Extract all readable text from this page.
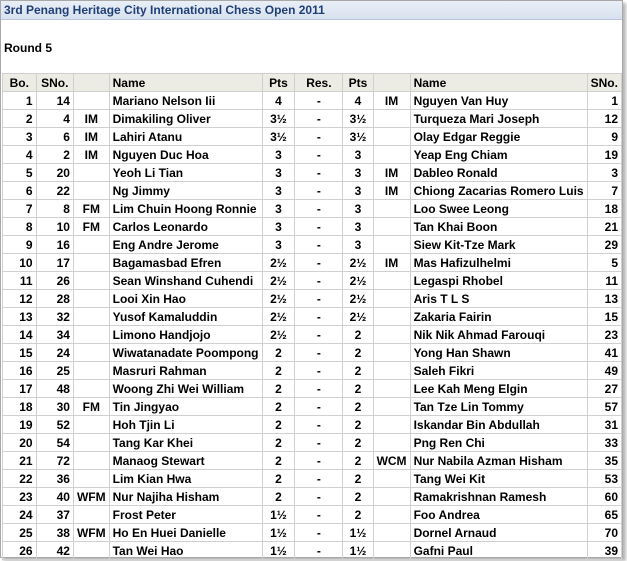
3rd Penang Heritage City International Chess Open 2011
Round 5
Bo.	SNo.		Name	Pts	Res.	Pts		Name	SNo.
1	14		Mariano Nelson Iii	4	-	4	IM	Nguyen Van Huy	1
2	4	IM	Dimakiling Oliver	3½	-	3½		Turqueza Mari Joseph	12
3	6	IM	Lahiri Atanu	3½	-	3½		Olay Edgar Reggie	9
4	2	IM	Nguyen Duc Hoa	3	-	3		Yeap Eng Chiam	19
5	20		Yeoh Li Tian	3	-	3	IM	Dableo Ronald	3
6	22		Ng Jimmy	3	-	3	IM	Chiong Zacarias Romero Luis	7
7	8	FM	Lim Chuin Hoong Ronnie	3	-	3		Loo Swee Leong	18
8	10	FM	Carlos Leonardo	3	-	3		Tan Khai Boon	21
9	16		Eng Andre Jerome	3	-	3		Siew Kit-Tze Mark	29
10	17		Bagamasbad Efren	2½	-	2½	IM	Mas Hafizulhelmi	5
11	26		Sean Winshand Cuhendi	2½	-	2½		Legaspi Rhobel	11
12	28		Looi Xin Hao	2½	-	2½		Aris T L S	13
13	32		Yusof Kamaluddin	2½	-	2½		Zakaria Fairin	15
14	34		Limono Handjojo	2½	-	2		Nik Nik Ahmad Farouqi	23
15	24		Wiwatanadate Poompong	2	-	2		Yong Han Shawn	41
16	25		Masruri Rahman	2	-	2		Saleh Fikri	49
17	48		Woong Zhi Wei William	2	-	2		Lee Kah Meng Elgin	27
18	30	FM	Tin Jingyao	2	-	2		Tan Tze Lin Tommy	57
19	52		Hoh Tjin Li	2	-	2		Iskandar Bin Abdullah	31
20	54		Tang Kar Khei	2	-	2		Png Ren Chi	33
21	72		Manaog Stewart	2	-	2	WCM	Nur Nabila Azman Hisham	35
22	36		Lim Kian Hwa	2	-	2		Tang Wei Kit	53
23	40	WFM	Nur Najiha Hisham	2	-	2		Ramakrishnan Ramesh	60
24	37		Frost Peter	1½	-	2		Foo Andrea	65
25	38	WFM	Ho En Huei Danielle	1½	-	1½		Dornel Arnaud	70
26	42		Tan Wei Hao	1½	-	1½		Gafni Paul	39
